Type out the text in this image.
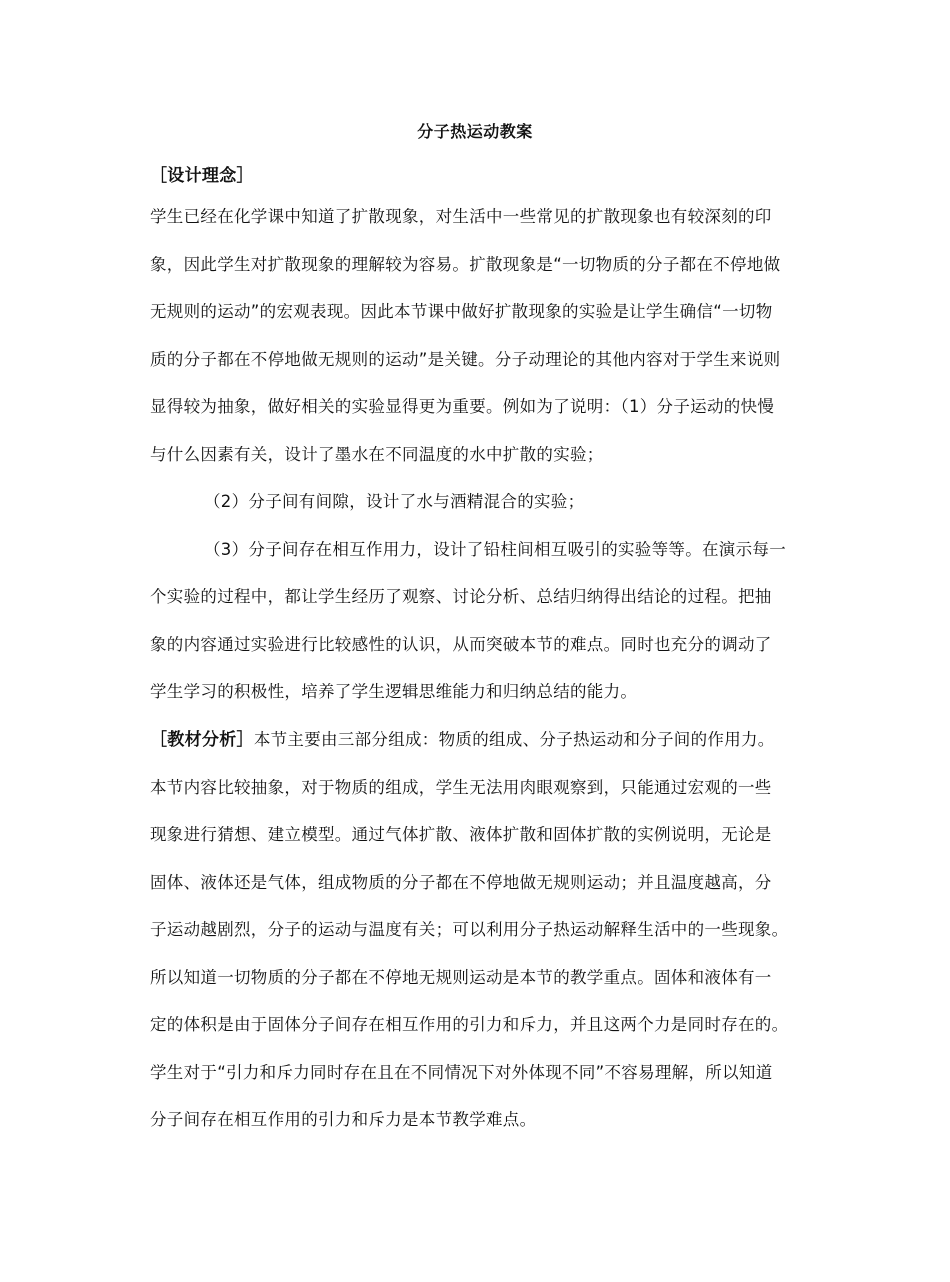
分子热运动教案
［设计理念］
学生已经在化学课中知道了扩散现象，对生活中一些常见的扩散现象也有较深刻的印
象，因此学生对扩散现象的理解较为容易。扩散现象是“一切物质的分子都在不停地做
无规则的运动”的宏观表现。因此本节课中做好扩散现象的实验是让学生确信“一切物
质的分子都在不停地做无规则的运动”是关键。分子动理论的其他内容对于学生来说则
显得较为抽象，做好相关的实验显得更为重要。例如为了说明：（1）分子运动的快慢
与什么因素有关，设计了墨水在不同温度的水中扩散的实验；
（2）分子间有间隙，设计了水与酒精混合的实验；
（3）分子间存在相互作用力，设计了铅柱间相互吸引的实验等等。在演示每一
个实验的过程中，都让学生经历了观察、讨论分析、总结归纳得出结论的过程。把抽
象的内容通过实验进行比较感性的认识，从而突破本节的难点。同时也充分的调动了
学生学习的积极性，培养了学生逻辑思维能力和归纳总结的能力。
［教材分析］本节主要由三部分组成：物质的组成、分子热运动和分子间的作用力。
本节内容比较抽象，对于物质的组成，学生无法用肉眼观察到，只能通过宏观的一些
现象进行猜想、建立模型。通过气体扩散、液体扩散和固体扩散的实例说明，无论是
固体、液体还是气体，组成物质的分子都在不停地做无规则运动；并且温度越高，分
子运动越剧烈，分子的运动与温度有关；可以利用分子热运动解释生活中的一些现象。
所以知道一切物质的分子都在不停地无规则运动是本节的教学重点。固体和液体有一
定的体积是由于固体分子间存在相互作用的引力和斥力，并且这两个力是同时存在的。
学生对于“引力和斥力同时存在且在不同情况下对外体现不同”不容易理解，所以知道
分子间存在相互作用的引力和斥力是本节教学难点。
